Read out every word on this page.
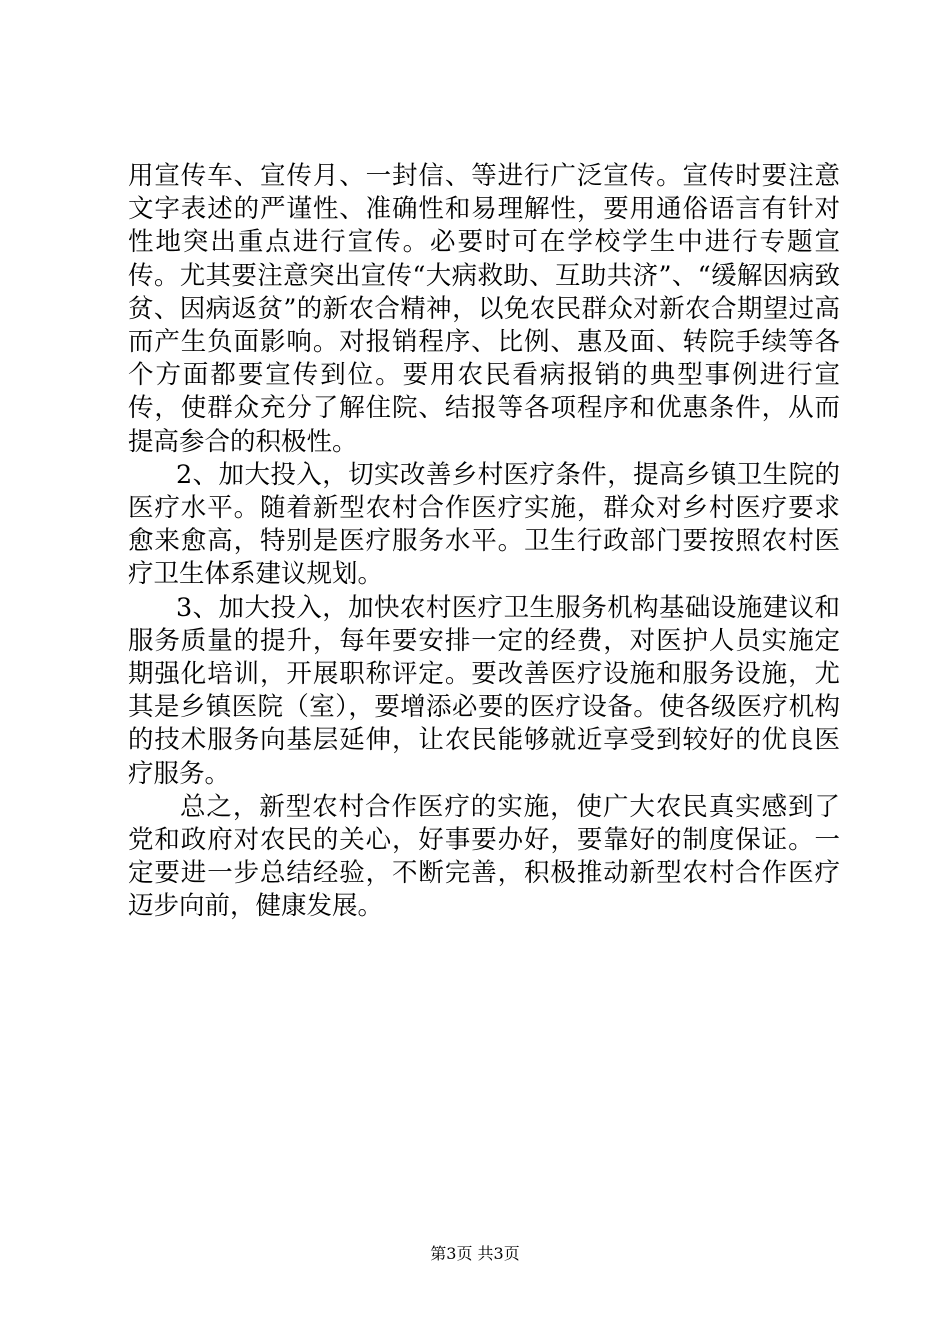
用宣传车、宣传月、一封信、等进行广泛宣传。宣传时要注意文字表述的严谨性、准确性和易理解性，要用通俗语言有针对性地突出重点进行宣传。必要时可在学校学生中进行专题宣传。尤其要注意突出宣传“大病救助、互助共济”、“缓解因病致贫、因病返贫”的新农合精神，以免农民群众对新农合期望过高而产生负面影响。对报销程序、比例、惠及面、转院手续等各个方面都要宣传到位。要用农民看病报销的典型事例进行宣传，使群众充分了解住院、结报等各项程序和优惠条件，从而提高参合的积极性。

2、加大投入，切实改善乡村医疗条件，提高乡镇卫生院的医疗水平。随着新型农村合作医疗实施，群众对乡村医疗要求愈来愈高，特别是医疗服务水平。卫生行政部门要按照农村医疗卫生体系建议规划。

3、加大投入，加快农村医疗卫生服务机构基础设施建议和服务质量的提升，每年要安排一定的经费，对医护人员实施定期强化培训，开展职称评定。要改善医疗设施和服务设施，尤其是乡镇医院（室），要增添必要的医疗设备。使各级医疗机构的技术服务向基层延伸，让农民能够就近享受到较好的优良医疗服务。

总之，新型农村合作医疗的实施，使广大农民真实感到了党和政府对农民的关心，好事要办好，要靠好的制度保证。一定要进一步总结经验，不断完善，积极推动新型农村合作医疗迈步向前，健康发展。

第3页 共3页
